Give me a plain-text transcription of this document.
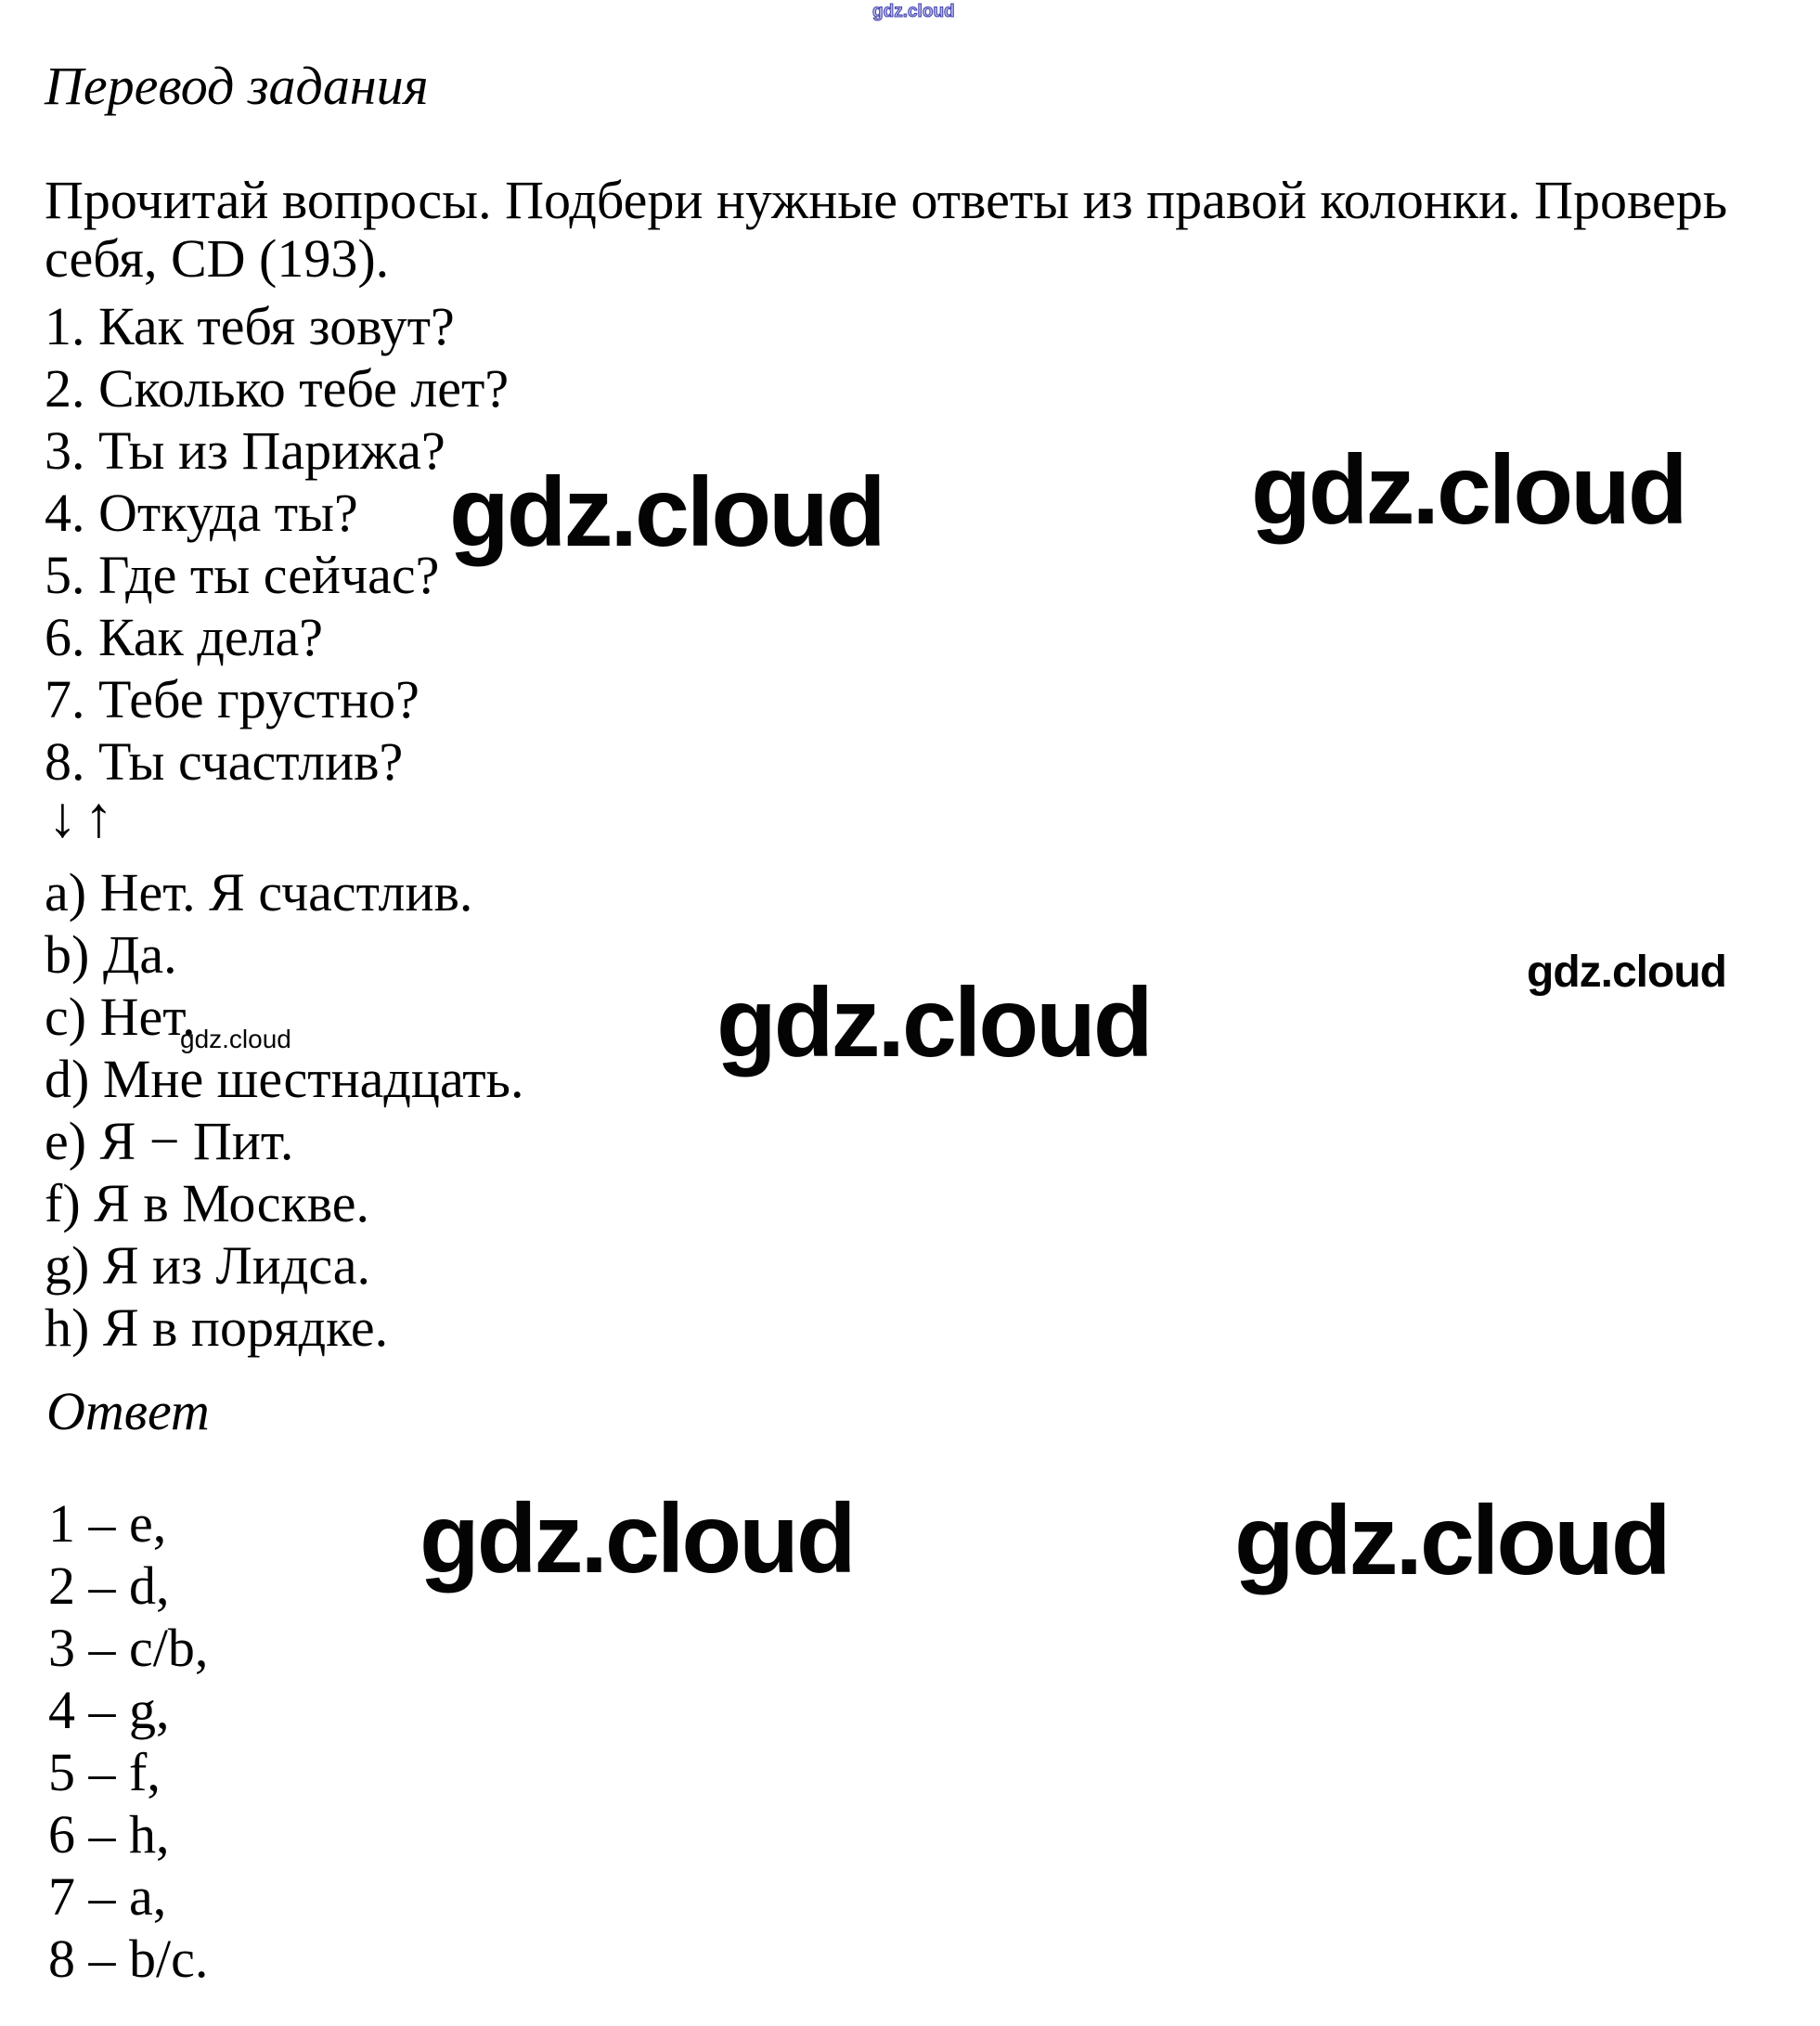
gdz.cloud
gdz.cloud	gdz.cloud
gdz.cloud
gdz.cloud	gdz.cloud
gdz.cloud
gdz.cloud
Перевод задания
Прочитай вопросы. Подбери нужные ответы из правой колонки. Проверь
себя, CD (193).
1. Как тебя зовут?
2. Сколько тебе лет?
3. Ты из Парижа?
4. Откуда ты?
5. Где ты сейчас?
6. Как дела?
7. Тебе грустно?
8. Ты счастлив?
↓↑
a) Нет. Я счастлив.
b) Да.
c) Нет.
d) Мне шестнадцать.
e) Я − Пит.
f) Я в Москве.
g) Я из Лидса.
h) Я в порядке.
Ответ
1 – e,
2 – d,
3 – c/b,
4 – g,
5 – f,
6 – h,
7 – a,
8 – b/c.
